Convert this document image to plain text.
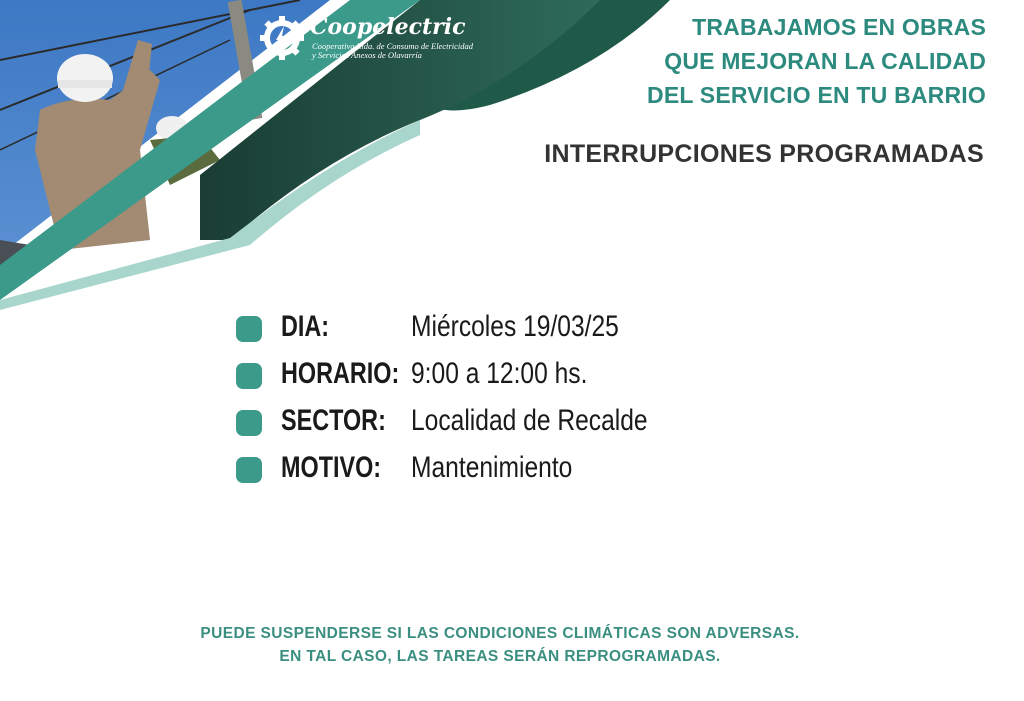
Coopelectric
Cooperativa Ltda. de Consumo de Electricidad
y Servicios Anexos de Olavarría
TRABAJAMOS EN OBRAS
QUE MEJORAN LA CALIDAD
DEL SERVICIO EN TU BARRIO
INTERRUPCIONES PROGRAMADAS
DIA:	Miércoles 19/03/25
HORARIO: 9:00 a 12:00 hs.
SECTOR: Localidad de Recalde
MOTIVO: Mantenimiento
PUEDE SUSPENDERSE SI LAS CONDICIONES CLIMÁTICAS SON ADVERSAS.
EN TAL CASO, LAS TAREAS SERÁN REPROGRAMADAS.
